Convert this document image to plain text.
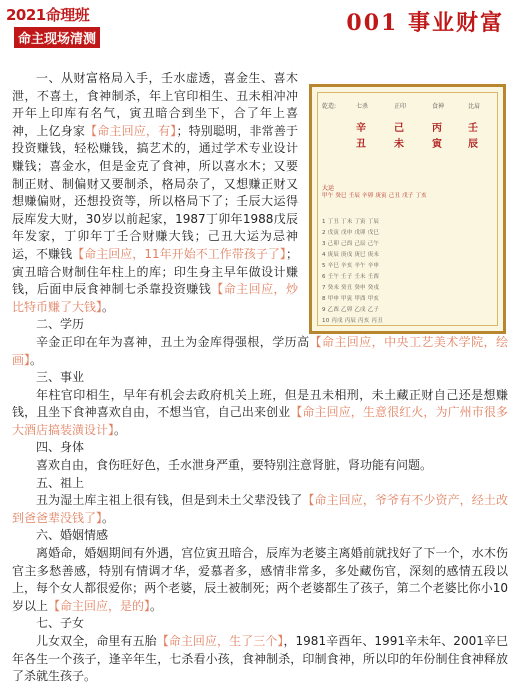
2021命理班
命主现场清测
001 事业财富
乾造:	七杀	正印	食神	比肩
辛	己	丙	壬
丑	未	寅	辰
大运
甲午 癸巳 壬辰 辛卯 庚寅 己丑 戊子 丁亥
1 丁丑 丁未 丁寅 丁辰
2 戊寅 戊申 戊卯 戊巳
3 己卯 己酉 己辰 己午
4 庚辰 庚戌 庚巳 庚未
5 辛巳 辛亥 辛午 辛申
6 壬午 壬子 壬未 壬酉
7 癸未 癸丑 癸申 癸戌
8 甲申 甲寅 甲酉 甲亥
9 乙酉 乙卯 乙戌 乙子
10 丙戌 丙辰 丙亥 丙丑

一、从财富格局入手，壬水虚透，喜金生、喜木泄，不喜土，食神制杀，年上官印相生、丑未相冲冲开年上印库有名气，寅丑暗合到坐下，合了年上喜神，上亿身家【命主回应，有】；特别聪明，非常善于投资赚钱，轻松赚钱，搞艺术的，通过学术专业设计赚钱；喜金水，但是金克了食神，所以喜水木；又要制正财、制偏财又要制杀，格局杂了，又想赚正财又想赚偏财，还想投资等，所以格局下了；壬辰大运得辰库发大财，30岁以前起家，1987丁卯年1988戊辰年发家，丁卯年丁壬合财赚大钱；己丑大运为忌神运，不赚钱【命主回应，11年开始不工作带孩子了】；寅丑暗合财制住年柱上的库；印生身主早年做设计赚钱，后面申辰食神制七杀靠投资赚钱【命主回应，炒比特币赚了大钱】。

二、学历

辛金正印在年为喜神，丑土为金库得强根，学历高【命主回应，中央工艺美术学院，绘画】。

三、事业

年柱官印相生，早年有机会去政府机关上班，但是丑未相刑，未土藏正财自己还是想赚钱，且坐下食神喜欢自由，不想当官，自己出来创业【命主回应，生意很红火，为广州市很多大酒店搞装潢设计】。

四、身体

喜欢自由，食伤旺好色，壬水泄身严重，要特别注意肾脏，肾功能有问题。

五、祖上

丑为湿土库主祖上很有钱，但是到未土父辈没钱了【命主回应，爷爷有不少资产，经土改到爸爸辈没钱了】。

六、婚姻情感

离婚命，婚姻期间有外遇，宫位寅丑暗合，辰库为老婆主离婚前就找好了下一个，水木伤官主多愁善感，特别有情调才华，爱慕者多，感情非常多，多处藏伤官，深刻的感情五段以上，每个女人都很爱你；两个老婆，辰土被制死；两个老婆都生了孩子，第二个老婆比你小10岁以上【命主回应，是的】。

七、子女

儿女双全，命里有五胎【命主回应，生了三个】，1981辛酉年、1991辛未年、2001辛巳年各生一个孩子，逢辛年生，七杀看小孩，食神制杀，印制食神，所以印的年份制住食神释放了杀就生孩子。
